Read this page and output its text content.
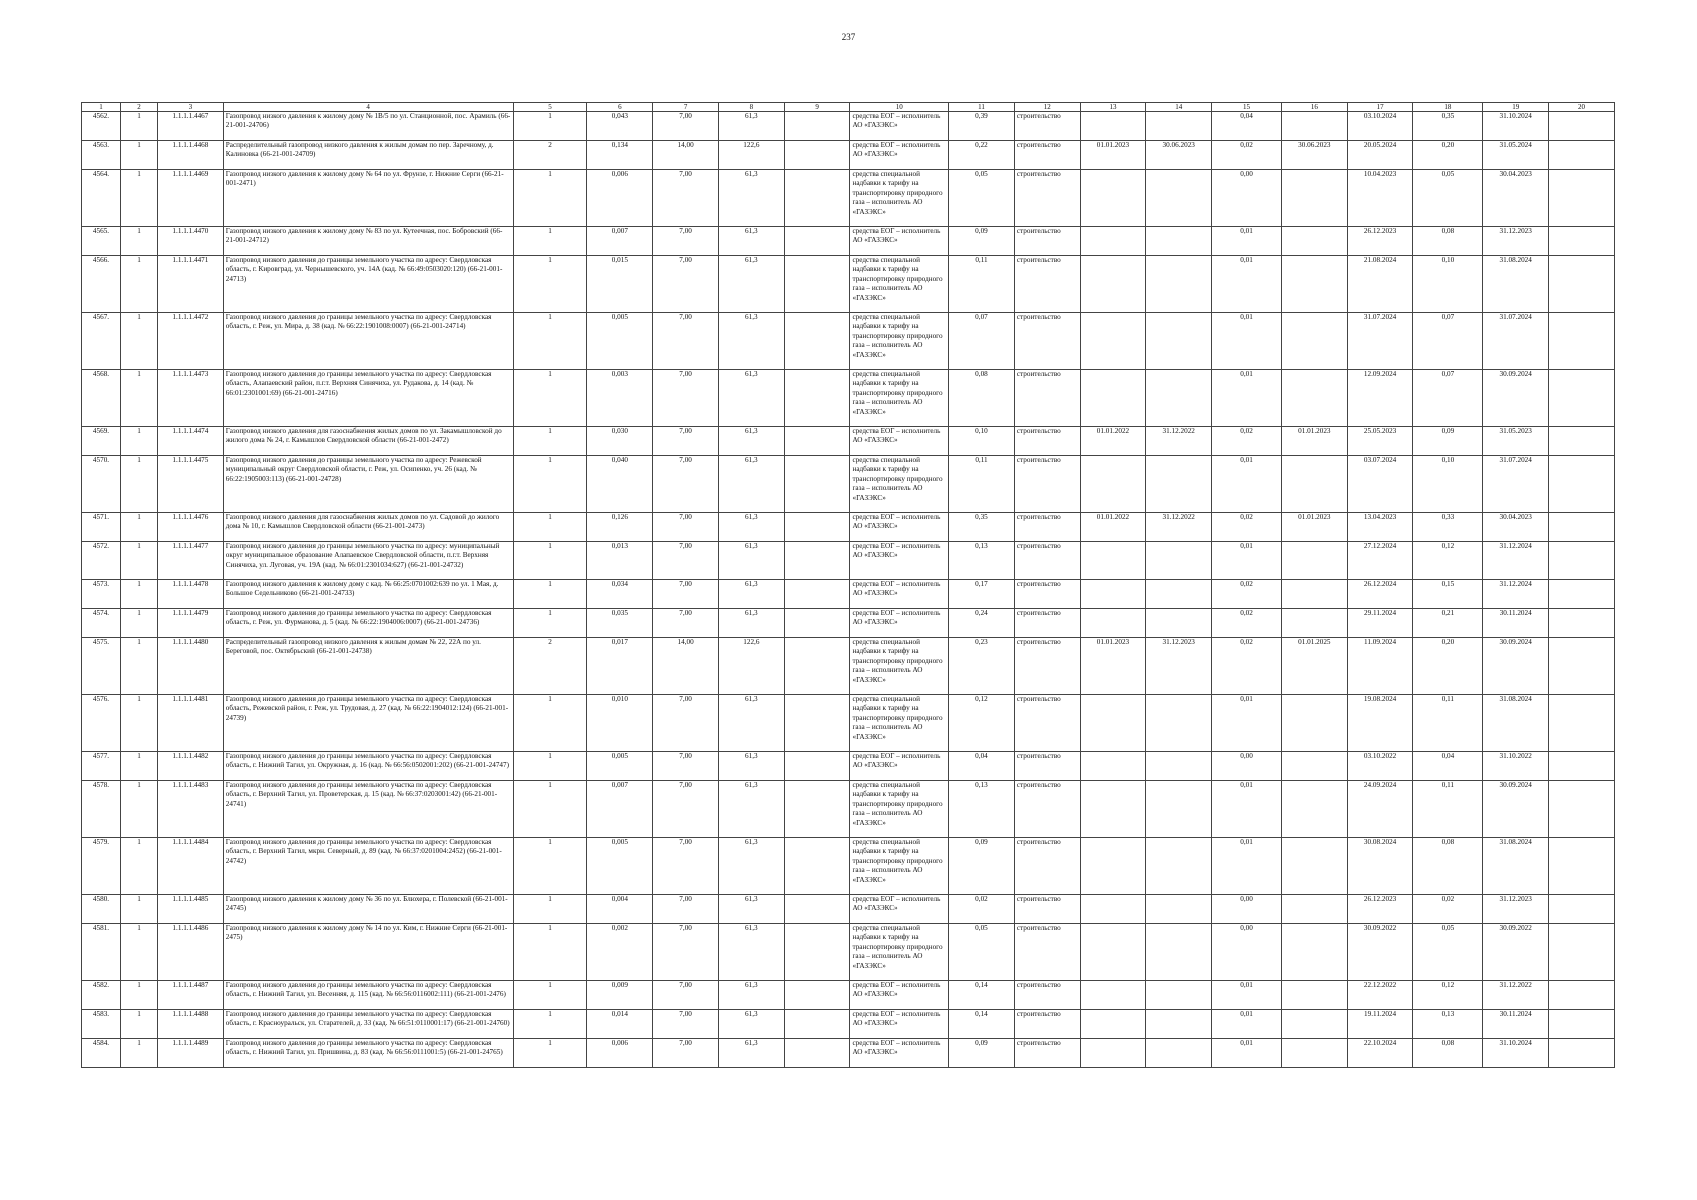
237
1	2	3	4	5	6	7	8	9	10	11	12	13	14	15	16	17	18	19	20
4562.	1	1.1.1.1.4467	Газопровод низкого давления к жилому дому № 1В/5 по ул. Станционной, пос. Арамиль (66-21-001-24706)	1	0,043	7,00	61,3		средства ЕОГ – исполнитель АО «ГАЗЭКС»	0,39	строительство			0,04		03.10.2024	0,35	31.10.2024	
4563.	1	1.1.1.1.4468	Распределительный газопровод низкого давления к жилым домам по пер. Заречному, д. Калиновка (66-21-001-24709)	2	0,134	14,00	122,6		средства ЕОГ – исполнитель АО «ГАЗЭКС»	0,22	строительство	01.01.2023	30.06.2023	0,02	30.06.2023	20.05.2024	0,20	31.05.2024	
4564.	1	1.1.1.1.4469	Газопровод низкого давления к жилому дому № 64 по ул. Фрунзе, г. Нижние Серги (66-21-001-2471)	1	0,006	7,00	61,3		средства специальной надбавки к тарифу на транспортировку природного газа – исполнитель АО «ГАЗЭКС»	0,05	строительство			0,00		10.04.2023	0,05	30.04.2023	
4565.	1	1.1.1.1.4470	Газопровод низкого давления к жилому дому № 83 по ул. Кутеечная, пос. Бобровский (66-21-001-24712)	1	0,007	7,00	61,3		средства ЕОГ – исполнитель АО «ГАЗЭКС»	0,09	строительство			0,01		26.12.2023	0,08	31.12.2023	
4566.	1	1.1.1.1.4471	Газопровод низкого давления до границы земельного участка по адресу: Свердловская область, г. Кировград, ул. Чернышевского, уч. 14А (кад. № 66:49:0503020:120) (66-21-001-24713)	1	0,015	7,00	61,3		средства специальной надбавки к тарифу на транспортировку природного газа – исполнитель АО «ГАЗЭКС»	0,11	строительство			0,01		21.08.2024	0,10	31.08.2024	
4567.	1	1.1.1.1.4472	Газопровод низкого давления до границы земельного участка по адресу: Свердловская область, г. Реж, ул. Мира, д. 38 (кад. № 66:22:1901008:0007) (66-21-001-24714)	1	0,005	7,00	61,3		средства специальной надбавки к тарифу на транспортировку природного газа – исполнитель АО «ГАЗЭКС»	0,07	строительство			0,01		31.07.2024	0,07	31.07.2024	
4568.	1	1.1.1.1.4473	Газопровод низкого давления до границы земельного участка по адресу: Свердловская область, Алапаевский район, п.г.т. Верхняя Синячиха, ул. Рудакова, д. 14 (кад. № 66:01:2301001:69) (66-21-001-24716)	1	0,003	7,00	61,3		средства специальной надбавки к тарифу на транспортировку природного газа – исполнитель АО «ГАЗЭКС»	0,08	строительство			0,01		12.09.2024	0,07	30.09.2024	
4569.	1	1.1.1.1.4474	Газопровод низкого давления для газоснабжения жилых домов по ул. Закамышловской до жилого дома № 24, г. Камышлов Свердловской области (66-21-001-2472)	1	0,030	7,00	61,3		средства ЕОГ – исполнитель АО «ГАЗЭКС»	0,10	строительство	01.01.2022	31.12.2022	0,02	01.01.2023	25.05.2023	0,09	31.05.2023	
4570.	1	1.1.1.1.4475	Газопровод низкого давления до границы земельного участка по адресу: Режевской муниципальный округ Свердловской области, г. Реж, ул. Осипенко, уч. 26 (кад. № 66:22:1905003:113) (66-21-001-24728)	1	0,040	7,00	61,3		средства специальной надбавки к тарифу на транспортировку природного газа – исполнитель АО «ГАЗЭКС»	0,11	строительство			0,01		03.07.2024	0,10	31.07.2024	
4571.	1	1.1.1.1.4476	Газопровод низкого давления для газоснабжения жилых домов по ул. Садовой до жилого дома № 10, г. Камышлов Свердловской области (66-21-001-2473)	1	0,126	7,00	61,3		средства ЕОГ – исполнитель АО «ГАЗЭКС»	0,35	строительство	01.01.2022	31.12.2022	0,02	01.01.2023	13.04.2023	0,33	30.04.2023	
4572.	1	1.1.1.1.4477	Газопровод низкого давления до границы земельного участка по адресу: муниципальный округ муниципальное образование Алапаевское Свердловской области, п.г.т. Верхняя Синячиха, ул. Луговая, уч. 19А (кад. № 66:01:2301034:627) (66-21-001-24732)	1	0,013	7,00	61,3		средства ЕОГ – исполнитель АО «ГАЗЭКС»	0,13	строительство			0,01		27.12.2024	0,12	31.12.2024	
4573.	1	1.1.1.1.4478	Газопровод низкого давления к жилому дому с кад. № 66:25:0701002:639 по ул. 1 Мая, д. Большое Седельниково (66-21-001-24733)	1	0,034	7,00	61,3		средства ЕОГ – исполнитель АО «ГАЗЭКС»	0,17	строительство			0,02		26.12.2024	0,15	31.12.2024	
4574.	1	1.1.1.1.4479	Газопровод низкого давления до границы земельного участка по адресу: Свердловская область, г. Реж, ул. Фурманова, д. 5 (кад. № 66:22:1904006:0007) (66-21-001-24736)	1	0,035	7,00	61,3		средства ЕОГ – исполнитель АО «ГАЗЭКС»	0,24	строительство			0,02		29.11.2024	0,21	30.11.2024	
4575.	1	1.1.1.1.4480	Распределительный газопровод низкого давления к жилым домам № 22, 22А по ул. Береговой, пос. Октябрьский (66-21-001-24738)	2	0,017	14,00	122,6		средства специальной надбавки к тарифу на транспортировку природного газа – исполнитель АО «ГАЗЭКС»	0,23	строительство	01.01.2023	31.12.2023	0,02	01.01.2025	11.09.2024	0,20	30.09.2024	
4576.	1	1.1.1.1.4481	Газопровод низкого давления до границы земельного участка по адресу: Свердловская область, Режевской район, г. Реж, ул. Трудовая, д. 27 (кад. № 66:22:1904012:124) (66-21-001-24739)	1	0,010	7,00	61,3		средства специальной надбавки к тарифу на транспортировку природного газа – исполнитель АО «ГАЗЭКС»	0,12	строительство			0,01		19.08.2024	0,11	31.08.2024	
4577.	1	1.1.1.1.4482	Газопровод низкого давления до границы земельного участка по адресу: Свердловская область, г. Нижний Тагил, ул. Окружная, д. 16 (кад. № 66:56:0502001:202) (66-21-001-24747)	1	0,005	7,00	61,3		средства ЕОГ – исполнитель АО «ГАЗЭКС»	0,04	строительство			0,00		03.10.2022	0,04	31.10.2022	
4578.	1	1.1.1.1.4483	Газопровод низкого давления до границы земельного участка по адресу: Свердловская область, г. Верхний Тагил, ул. Проветерская, д. 15 (кад. № 66:37:0203001:42) (66-21-001-24741)	1	0,007	7,00	61,3		средства специальной надбавки к тарифу на транспортировку природного газа – исполнитель АО «ГАЗЭКС»	0,13	строительство			0,01		24.09.2024	0,11	30.09.2024	
4579.	1	1.1.1.1.4484	Газопровод низкого давления до границы земельного участка по адресу: Свердловская область, г. Верхний Тагил, мкрн. Северный, д. 89 (кад. № 66:37:0201004:2452) (66-21-001-24742)	1	0,005	7,00	61,3		средства специальной надбавки к тарифу на транспортировку природного газа – исполнитель АО «ГАЗЭКС»	0,09	строительство			0,01		30.08.2024	0,08	31.08.2024	
4580.	1	1.1.1.1.4485	Газопровод низкого давления к жилому дому № 36 по ул. Блюхера, г. Полевской (66-21-001-24745)	1	0,004	7,00	61,3		средства ЕОГ – исполнитель АО «ГАЗЭКС»	0,02	строительство			0,00		26.12.2023	0,02	31.12.2023	
4581.	1	1.1.1.1.4486	Газопровод низкого давления к жилому дому № 14 по ул. Ким, г. Нижние Серги (66-21-001-2475)	1	0,002	7,00	61,3		средства специальной надбавки к тарифу на транспортировку природного газа – исполнитель АО «ГАЗЭКС»	0,05	строительство			0,00		30.09.2022	0,05	30.09.2022	
4582.	1	1.1.1.1.4487	Газопровод низкого давления до границы земельного участка по адресу: Свердловская область, г. Нижний Тагил, ул. Весенняя, д. 115 (кад. № 66:56:0116002:111) (66-21-001-2476)	1	0,009	7,00	61,3		средства ЕОГ – исполнитель АО «ГАЗЭКС»	0,14	строительство			0,01		22.12.2022	0,12	31.12.2022	
4583.	1	1.1.1.1.4488	Газопровод низкого давления до границы земельного участка по адресу: Свердловская область, г. Красноуральск, ул. Старателей, д. 33 (кад. № 66:51:0110001:17) (66-21-001-24760)	1	0,014	7,00	61,3		средства ЕОГ – исполнитель АО «ГАЗЭКС»	0,14	строительство			0,01		19.11.2024	0,13	30.11.2024	
4584.	1	1.1.1.1.4489	Газопровод низкого давления до границы земельного участка по адресу: Свердловская область, г. Нижний Тагил, ул. Пришвина, д. 83 (кад. № 66:56:0111001:5) (66-21-001-24765)	1	0,006	7,00	61,3		средства ЕОГ – исполнитель АО «ГАЗЭКС»	0,09	строительство			0,01		22.10.2024	0,08	31.10.2024	
